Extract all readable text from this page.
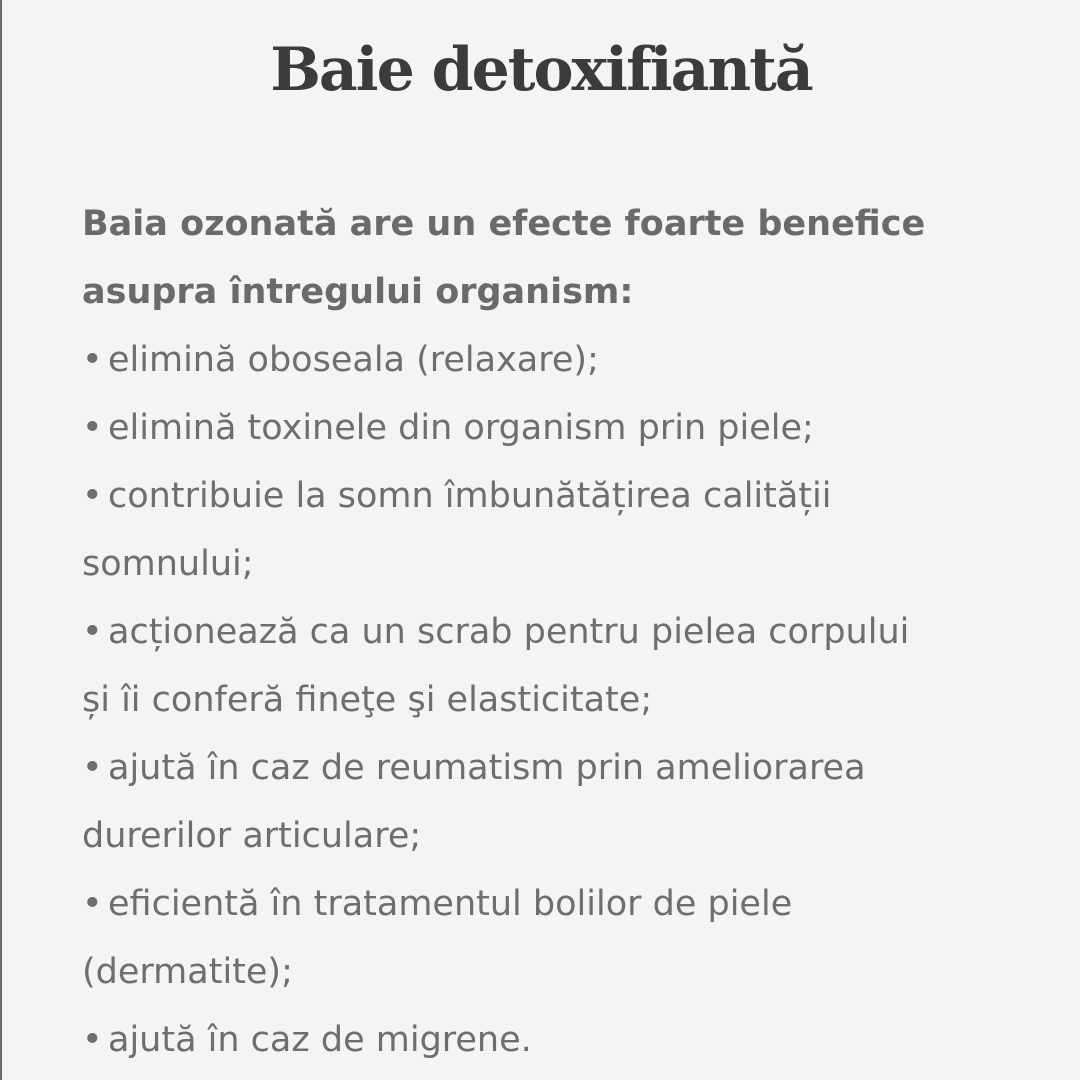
Baie detoxifiantă

Baia ozonată are un efecte foarte benefice
asupra întregului organism:

• elimină oboseala (relaxare);
• elimină toxinele din organism prin piele;
• contribuie la somn îmbunătățirea calității
somnului;
• acționează ca un scrab pentru pielea corpului
și îi conferă fineţe şi elasticitate;
• ajută în caz de reumatism prin ameliorarea
durerilor articulare;
• eficientă în tratamentul bolilor de piele
(dermatite);
• ajută în caz de migrene.
